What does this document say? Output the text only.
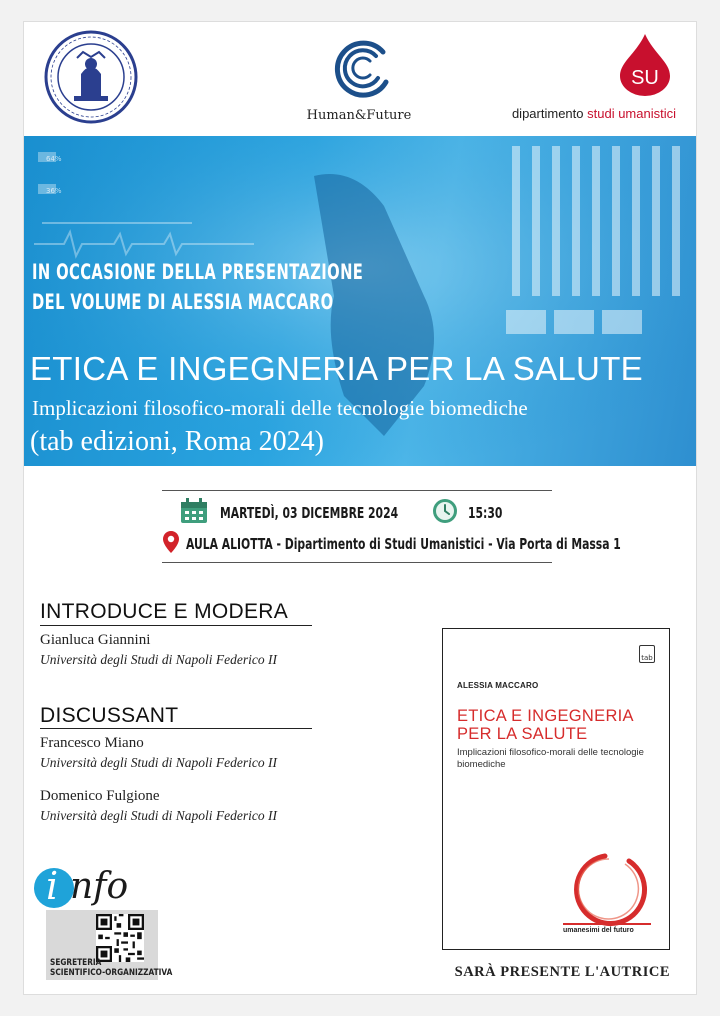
Human&Future
SU
dipartimento studi umanistici
64%
36%
IN OCCASIONE DELLA PRESENTAZIONE
DEL VOLUME DI ALESSIA MACCARO
ETICA E INGEGNERIA PER LA SALUTE
Implicazioni filosofico-morali delle tecnologie biomediche
(tab edizioni, Roma 2024)
MARTEDÌ, 03 DICEMBRE 2024	15:30
AULA ALIOTTA - Dipartimento di Studi Umanistici - Via Porta di Massa 1
INTRODUCE E MODERA
Gianluca Giannini
Università degli Studi di Napoli Federico II
DISCUSSANT
Francesco Miano
Università degli Studi di Napoli Federico II
Domenico Fulgione
Università degli Studi di Napoli Federico II
tab
ALESSIA MACCARO
ETICA E INGEGNERIA PER LA SALUTE
Implicazioni filosofico-morali delle tecnologie biomediche
umanesimi del futuro
SARÀ PRESENTE L'AUTRICE
i nfo
SEGRETERIA
SCIENTIFICO-ORGANIZZATIVA
